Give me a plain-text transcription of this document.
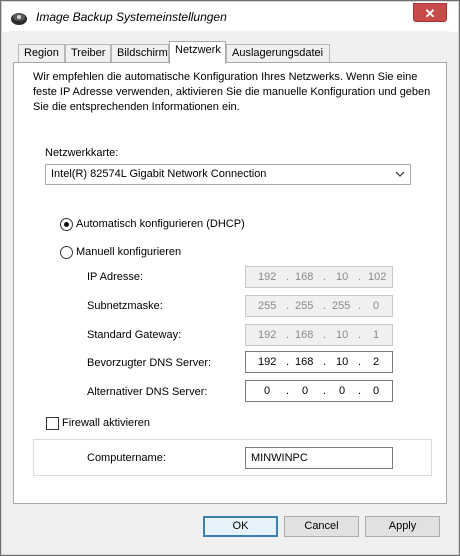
Image Backup Systemeinstellungen	✕
Region	Treiber	Bildschirm Netzwerk	Auslagerungsdatei
Wir empfehlen die automatische Konfiguration Ihres Netzwerks. Wenn Sie eine feste IP Adresse verwenden, aktivieren Sie die manuelle Konfiguration und geben Sie die entsprechenden Informationen ein.
Netzwerkkarte:
Intel(R) 82574L Gigabit Network Connection
Automatisch konfigurieren (DHCP)
Manuell konfigurieren
IP Adresse:	192 . 168 . 10 . 102
Subnetzmaske:	255 . 255 . 255 . 0
Standard Gateway:	192 . 168 . 10 . 1
Bevorzugter DNS Server:	192 . 168 . 10 . 2
Alternativer DNS Server:	0 . 0 . 0 . 0
Firewall aktivieren
Computername:	MINWINPC
OK	Cancel	Apply
